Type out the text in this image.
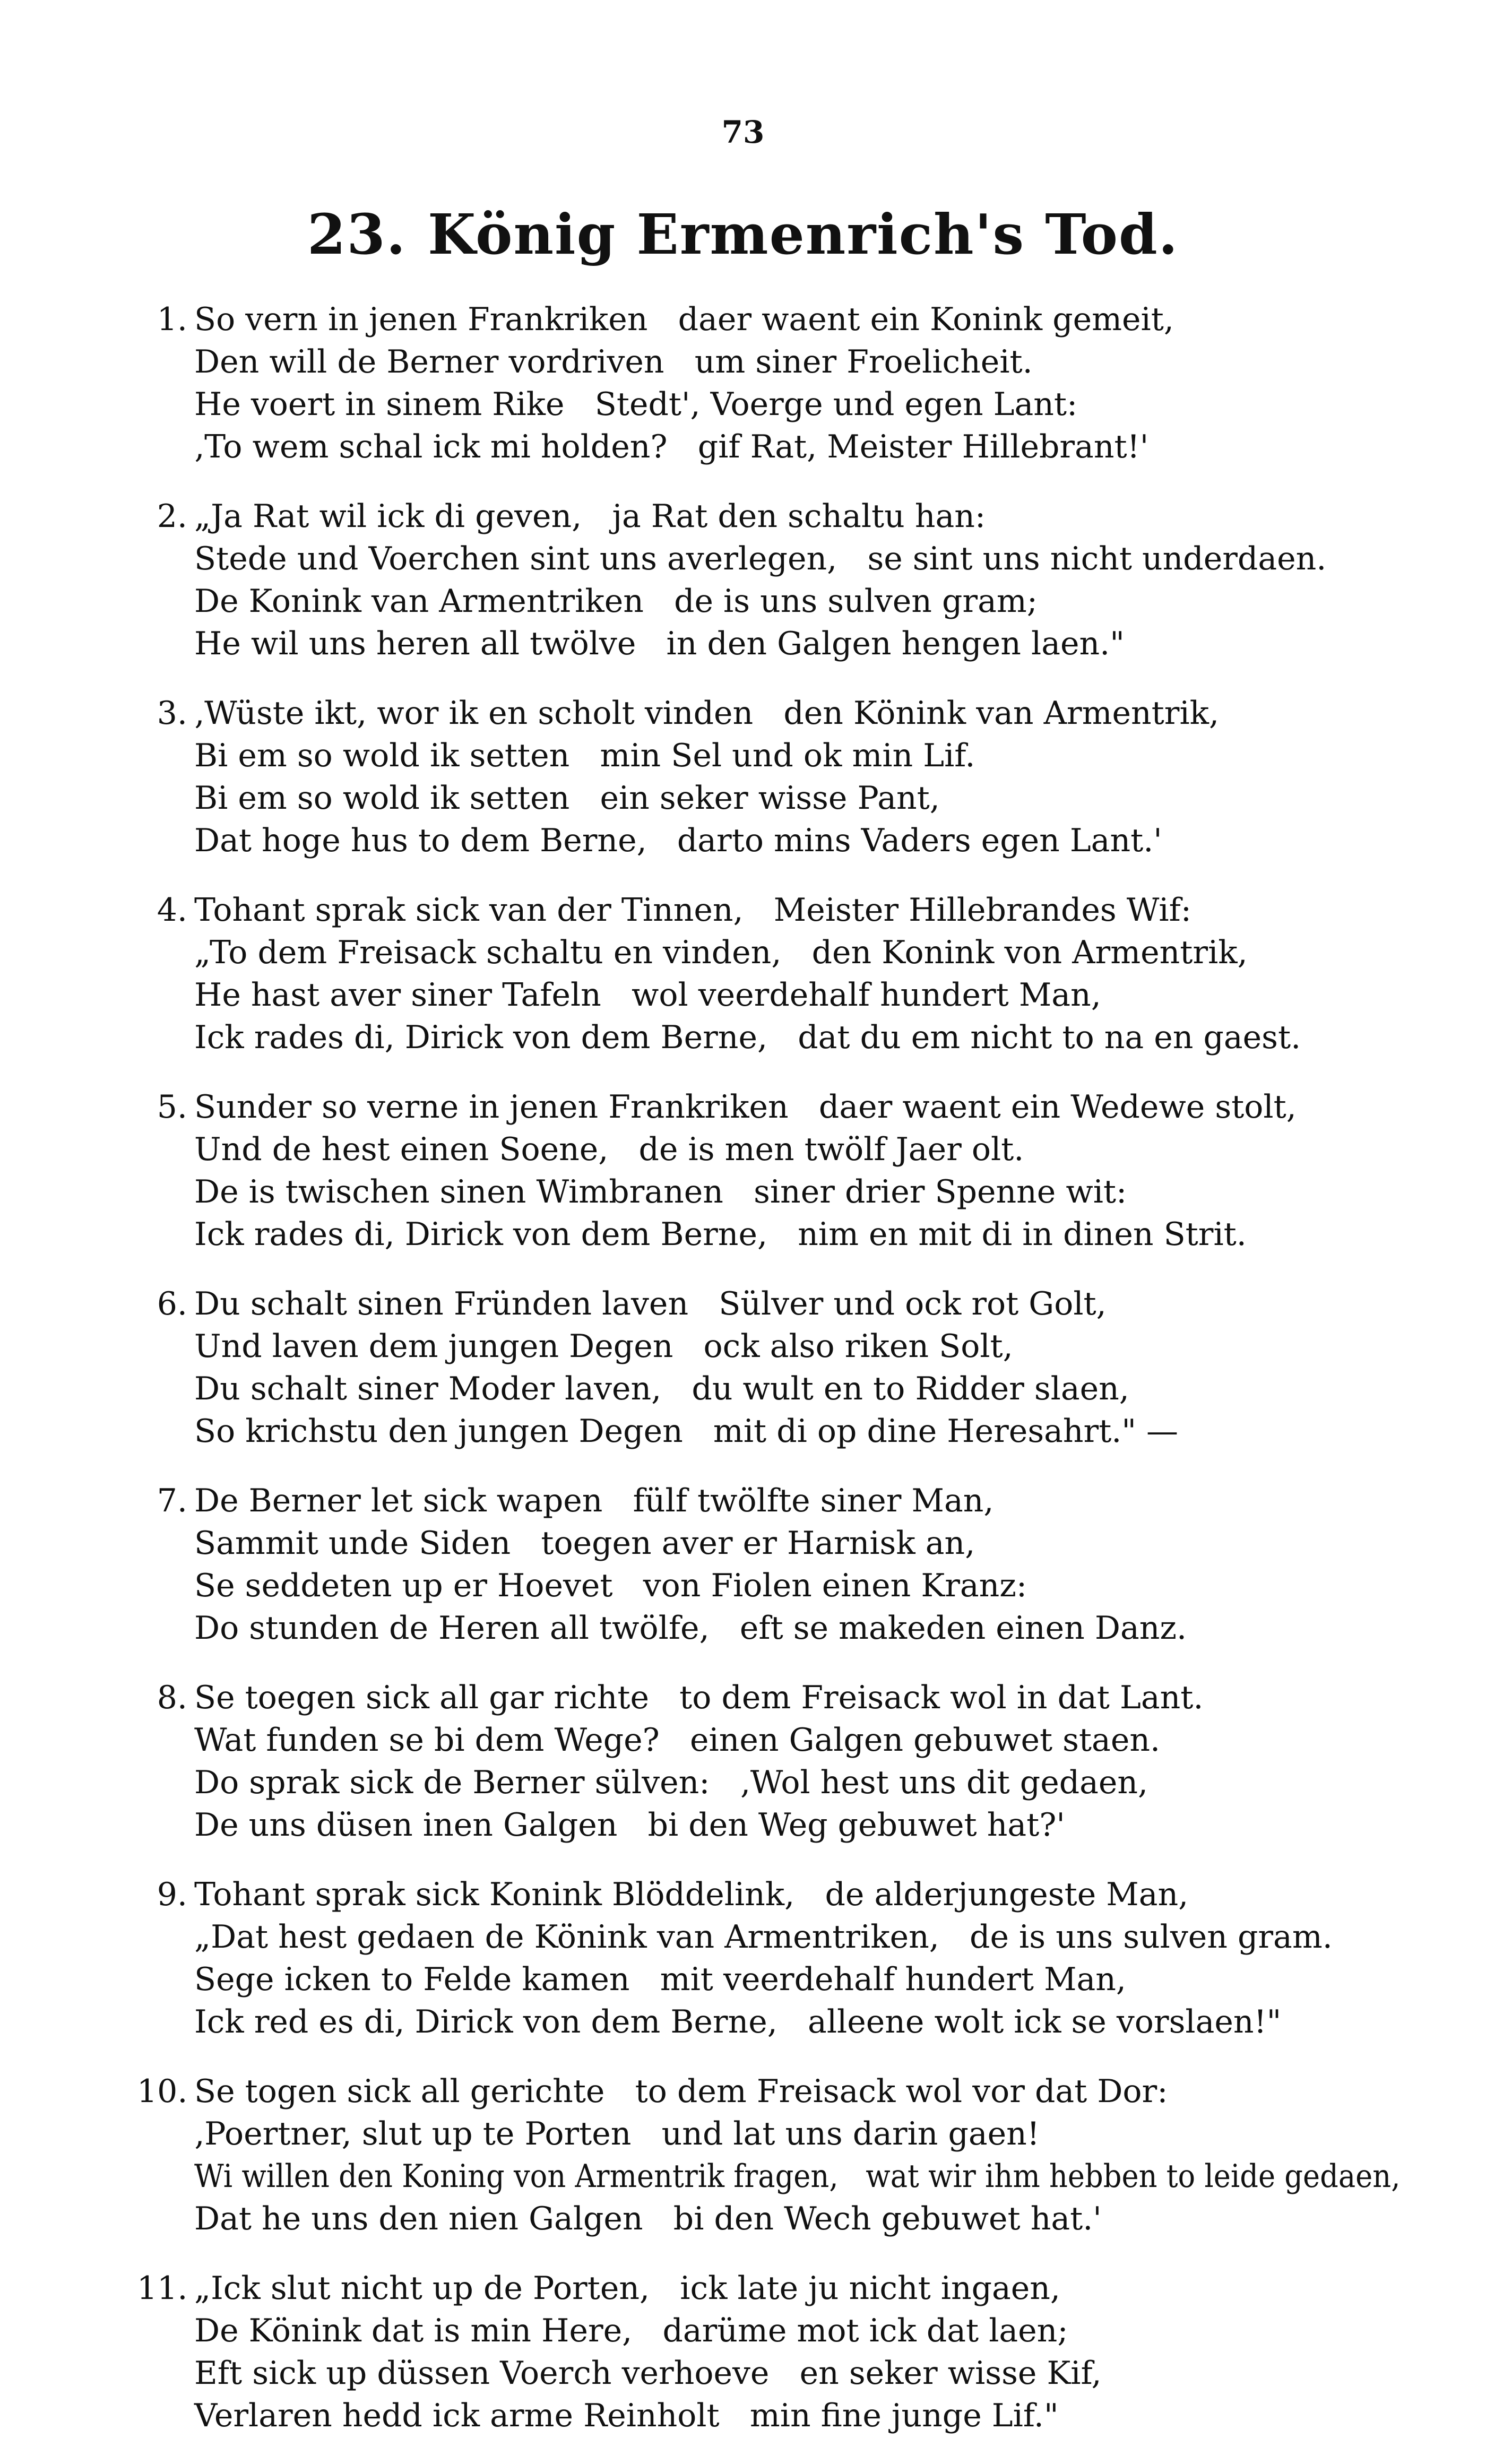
73
23. König Ermenrich's Tod.
1. So vern in jenen Frankriken   daer waent ein Konink gemeit,
Den will de Berner vordriven   um siner Froelicheit.
He voert in sinem Rike   Stedt', Voerge und egen Lant:
‚To wem schal ick mi holden?   gif Rat, Meister Hillebrant!'
2. „Ja Rat wil ick di geven,   ja Rat den schaltu han:
Stede und Voerchen sint uns averlegen,   se sint uns nicht underdaen.
De Konink van Armentriken   de is uns sulven gram;
He wil uns heren all twölve   in den Galgen hengen laen."
3. ‚Wüste ikt, wor ik en scholt vinden   den Könink van Armentrik,
Bi em so wold ik setten   min Sel und ok min Lif.
Bi em so wold ik setten   ein seker wisse Pant,
Dat hoge hus to dem Berne,   darto mins Vaders egen Lant.'
4. Tohant sprak sick van der Tinnen,   Meister Hillebrandes Wif:
„To dem Freisack schaltu en vinden,   den Konink von Armentrik,
He hast aver siner Tafeln   wol veerdehalf hundert Man,
Ick rades di, Dirick von dem Berne,   dat du em nicht to na en gaest.
5. Sunder so verne in jenen Frankriken   daer waent ein Wedewe stolt,
Und de hest einen Soene,   de is men twölf Jaer olt.
De is twischen sinen Wimbranen   siner drier Spenne wit:
Ick rades di, Dirick von dem Berne,   nim en mit di in dinen Strit.
6. Du schalt sinen Fründen laven   Sülver und ock rot Golt,
Und laven dem jungen Degen   ock also riken Solt,
Du schalt siner Moder laven,   du wult en to Ridder slaen,
So krichstu den jungen Degen   mit di op dine Heresahrt." —
7. De Berner let sick wapen   fülf twölfte siner Man,
Sammit unde Siden   toegen aver er Harnisk an,
Se seddeten up er Hoevet   von Fiolen einen Kranz:
Do stunden de Heren all twölfe,   eft se makeden einen Danz.
8. Se toegen sick all gar richte   to dem Freisack wol in dat Lant.
Wat funden se bi dem Wege?   einen Galgen gebuwet staen.
Do sprak sick de Berner sülven:   ‚Wol hest uns dit gedaen,
De uns düsen inen Galgen   bi den Weg gebuwet hat?'
9. Tohant sprak sick Konink Blöddelink,   de alderjungeste Man,
„Dat hest gedaen de Könink van Armentriken,   de is uns sulven gram.
Sege icken to Felde kamen   mit veerdehalf hundert Man,
Ick red es di, Dirick von dem Berne,   alleene wolt ick se vorslaen!"
10. Se togen sick all gerichte   to dem Freisack wol vor dat Dor:
‚Poertner, slut up te Porten   und lat uns darin gaen!
Wi willen den Koning von Armentrik fragen,   wat wir ihm hebben to leide gedaen,
Dat he uns den nien Galgen   bi den Wech gebuwet hat.'
11. „Ick slut nicht up de Porten,   ick late ju nicht ingaen,
De Könink dat is min Here,   darüme mot ick dat laen;
Eft sick up düssen Voerch verhoeve   en seker wisse Kif,
Verlaren hedd ick arme Reinholt   min fine junge Lif."
